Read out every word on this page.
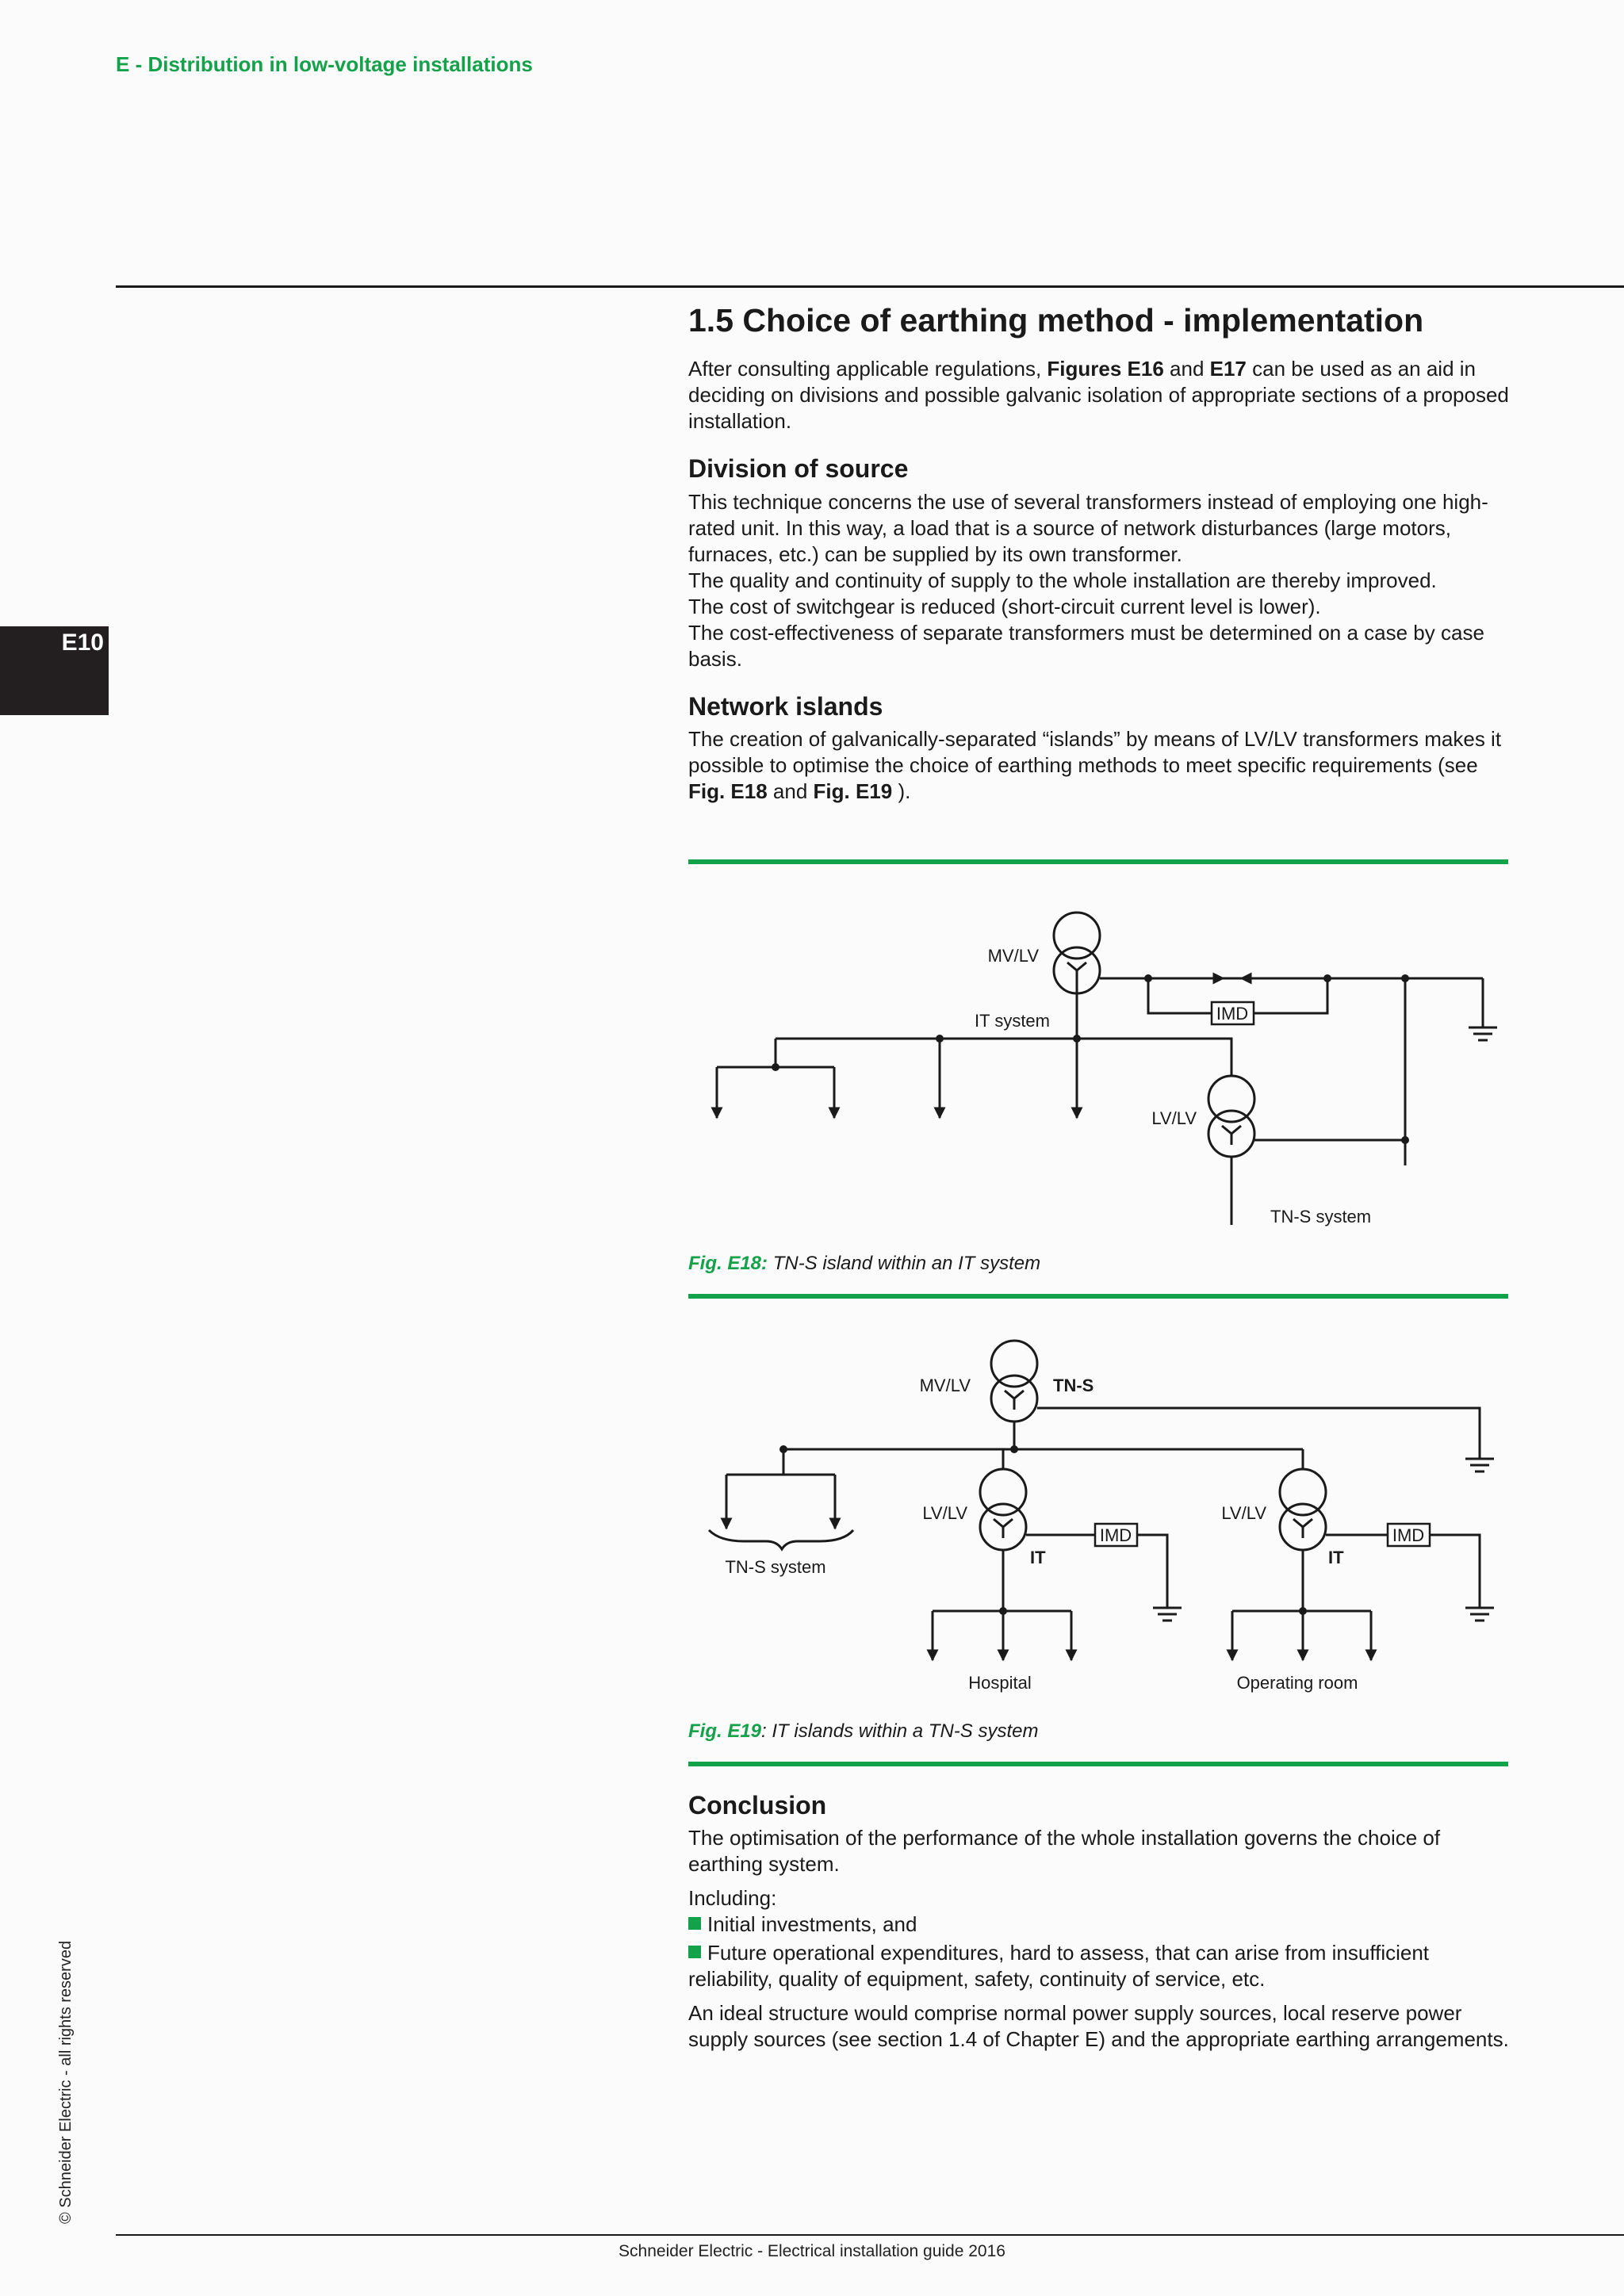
E - Distribution in low-voltage installations
E10
© Schneider Electric - all rights reserved
1.5 Choice of earthing method - implementation

After consulting applicable regulations, Figures E16 and E17 can be used as an aid in deciding on divisions and possible galvanic isolation of appropriate sections of a proposed installation.

Division of source

This technique concerns the use of several transformers instead of employing one high-rated unit. In this way, a load that is a source of network disturbances (large motors, furnaces, etc.) can be supplied by its own transformer.

The quality and continuity of supply to the whole installation are thereby improved.

The cost of switchgear is reduced (short-circuit current level is lower).

The cost-effectiveness of separate transformers must be determined on a case by case basis.

Network islands

The creation of galvanically-separated “islands” by means of LV/LV transformers makes it possible to optimise the choice of earthing methods to meet specific requirements (see Fig. E18 and Fig. E19 ).

IMD
MV/LV
IT system
LV/LV
TN-S system
Fig. E18: TN-S island within an IT system
IMD	IMD
MV/LV	TN-S
LV/LV	LV/LV
IT	IT
TN-S system
Hospital	Operating room
Fig. E19: IT islands within a TN-S system
Conclusion

The optimisation of the performance of the whole installation governs the choice of earthing system.

Including:

Initial investments, and

Future operational expenditures, hard to assess, that can arise from insufficient reliability, quality of equipment, safety, continuity of service, etc.

An ideal structure would comprise normal power supply sources, local reserve power supply sources (see section 1.4 of Chapter E) and the appropriate earthing arrangements.

Schneider Electric - Electrical installation guide 2016
